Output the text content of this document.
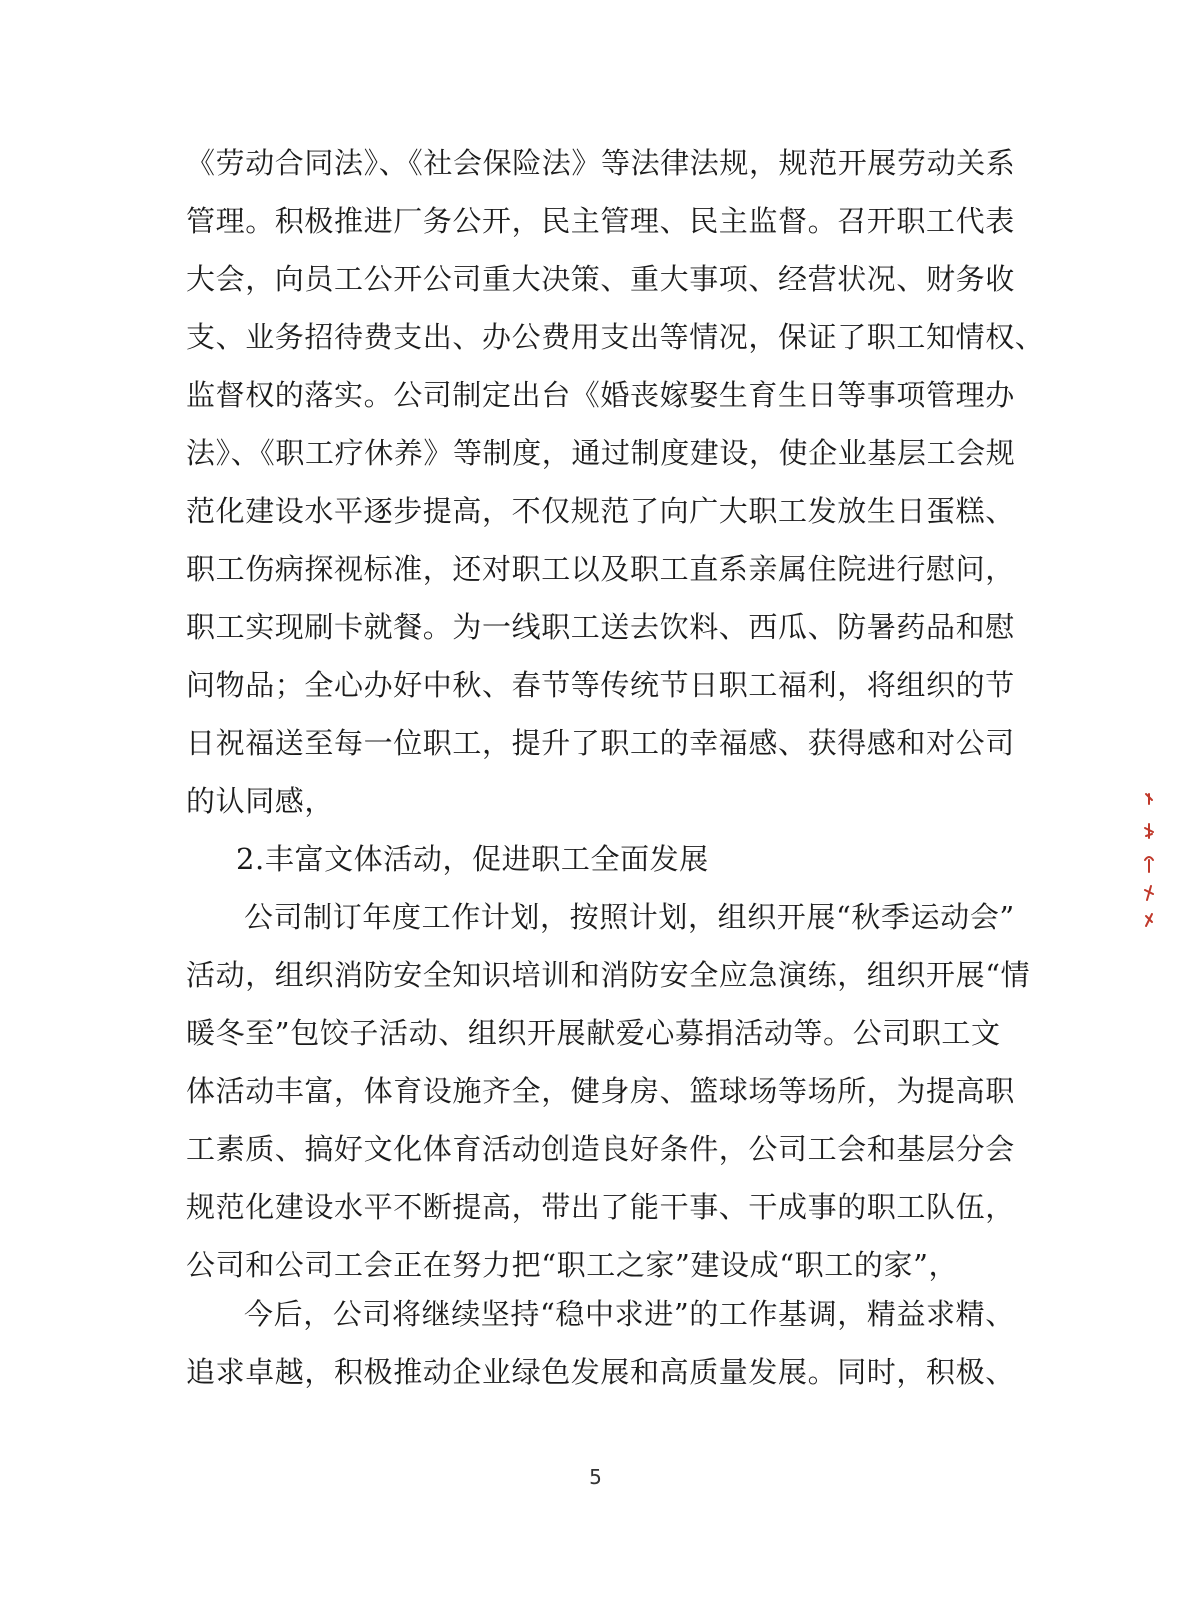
《劳动合同法》、《社会保险法》等法律法规，规范开展劳动关系
管理。积极推进厂务公开，民主管理、民主监督。召开职工代表
大会，向员工公开公司重大决策、重大事项、经营状况、财务收
支、业务招待费支出、办公费用支出等情况，保证了职工知情权、
监督权的落实。公司制定出台《婚丧嫁娶生育生日等事项管理办
法》、《职工疗休养》等制度，通过制度建设，使企业基层工会规
范化建设水平逐步提高，不仅规范了向广大职工发放生日蛋糕、
职工伤病探视标准，还对职工以及职工直系亲属住院进行慰问，
职工实现刷卡就餐。为一线职工送去饮料、西瓜、防暑药品和慰
问物品；全心办好中秋、春节等传统节日职工福利，将组织的节
日祝福送至每一位职工，提升了职工的幸福感、获得感和对公司
的认同感，
2.丰富文体活动，促进职工全面发展
公司制订年度工作计划，按照计划，组织开展“秋季运动会”
活动，组织消防安全知识培训和消防安全应急演练，组织开展“情
暖冬至”包饺子活动、组织开展献爱心募捐活动等。公司职工文
体活动丰富，体育设施齐全，健身房、篮球场等场所，为提高职
工素质、搞好文化体育活动创造良好条件，公司工会和基层分会
规范化建设水平不断提高，带出了能干事、干成事的职工队伍，
公司和公司工会正在努力把“职工之家”建设成“职工的家”，
今后，公司将继续坚持“稳中求进”的工作基调，精益求精、
追求卓越，积极推动企业绿色发展和高质量发展。同时，积极、
5
